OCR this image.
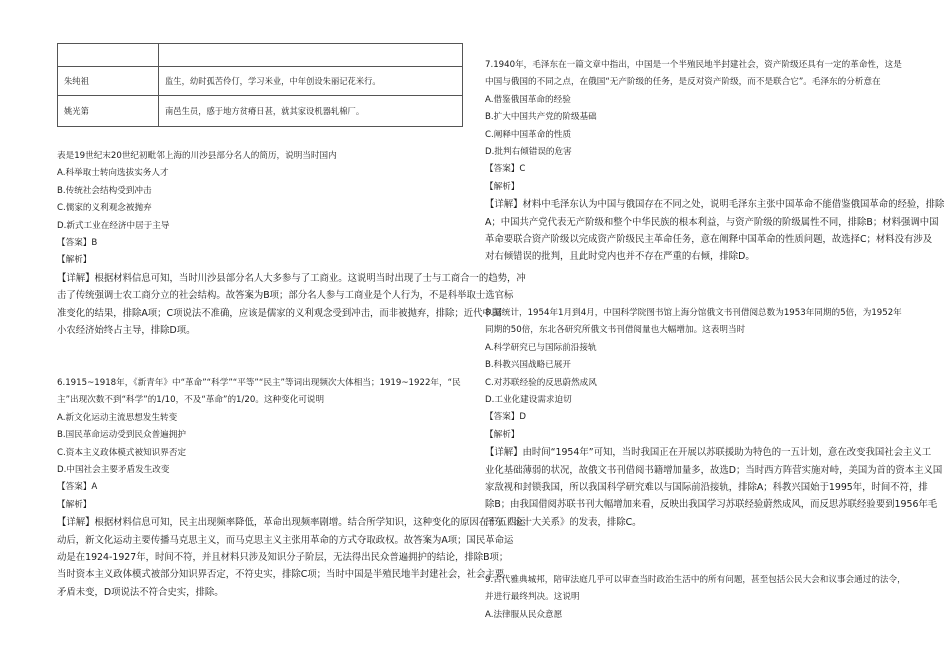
朱纯祖	监生，幼时孤苦伶仃，学习米业，中年创设朱丽记花米行。
姚光第	南邑生员，感于地方贫瘠日甚，就其家设机器轧棉厂。
表是19世纪末20世纪初毗邻上海的川沙县部分名人的简历，说明当时国内
A.科举取士转向选拔实务人才
B.传统社会结构受到冲击
C.儒家的义利观念被抛弃
D.新式工业在经济中居于主导
【答案】B
【解析】
【详解】根据材料信息可知，当时川沙县部分名人大多参与了工商业。这说明当时出现了士与工商合一的趋势，冲
击了传统强调士农工商分立的社会结构。故答案为B项；部分名人参与工商业是个人行为，不是科举取士选官标
准变化的结果，排除A项；C项说法不准确，应该是儒家的义利观念受到冲击，而非被抛弃，排除；近代中国
小农经济始终占主导，排除D项。
6.1915~1918年，《新青年》中“革命”“科学”“平等”“民主”等词出现频次大体相当；1919~1922年，“民
主”出现次数不到“科学”的1/10，不及“革命”的1/20。这种变化可说明
A.新文化运动主流思想发生转变
B.国民革命运动受到民众普遍拥护
C.资本主义政体模式被知识界否定
D.中国社会主要矛盾发生改变
【答案】A
【解析】
【详解】根据材料信息可知，民主出现频率降低，革命出现频率剧增。结合所学知识，这种变化的原因在于五四运
动后，新文化运动主要传播马克思主义，而马克思主义主张用革命的方式夺取政权。故答案为A项；国民革命运
动是在1924-1927年，时间不符，并且材料只涉及知识分子阶层，无法得出民众普遍拥护的结论，排除B项；
当时资本主义政体模式被部分知识界否定，不符史实，排除C项；当时中国是半殖民地半封建社会，社会主要
矛盾未变，D项说法不符合史实，排除。
7.1940年，毛泽东在一篇文章中指出，中国是一个半殖民地半封建社会，资产阶级还具有一定的革命性，这是
中国与俄国的不同之点，在俄国“无产阶级的任务，是反对资产阶级，而不是联合它”。毛泽东的分析意在
A.借鉴俄国革命的经验
B.扩大中国共产党的阶级基础
C.阐释中国革命的性质
D.批判右倾错误的危害
【答案】C
【解析】
【详解】材料中毛泽东认为中国与俄国存在不同之处，说明毛泽东主张中国革命不能借鉴俄国革命的经验，排除
A；中国共产党代表无产阶级和整个中华民族的根本利益，与资产阶级的阶级属性不同，排除B；材料强调中国
革命要联合资产阶级以完成资产阶级民主革命任务，意在阐释中国革命的性质问题，故选择C；材料没有涉及
对右倾错误的批判，且此时党内也并不存在严重的右倾，排除D。
8.据统计，1954年1月到4月，中国科学院图书馆上海分馆俄文书刊借阅总数为1953年同期的5倍，为1952年
同期的50倍，东北各研究所俄文书刊借阅量也大幅增加。这表明当时
A.科学研究已与国际前沿接轨
B.科教兴国战略已展开
C.对苏联经验的反思蔚然成风
D.工业化建设需求迫切
【答案】D
【解析】
【详解】由时间“1954年”可知，当时我国正在开展以苏联援助为特色的一五计划，意在改变我国社会主义工
业化基础薄弱的状况，故俄文书刊借阅书籍增加量多，故选D；当时西方阵营实施对峙，美国为首的资本主义国
家敌视和封锁我国，所以我国科学研究难以与国际前沿接轨，排除A；科教兴国始于1995年，时间不符，排
除B；由我国借阅苏联书刊大幅增加来看，反映出我国学习苏联经验蔚然成风，而反思苏联经验要到1956年毛
泽东《论十大关系》的发表，排除C。
9.古代雅典城邦，陪审法庭几乎可以审查当时政治生活中的所有问题，甚至包括公民大会和议事会通过的法令，
并进行最终判决。这说明
A.法律服从民众意愿
